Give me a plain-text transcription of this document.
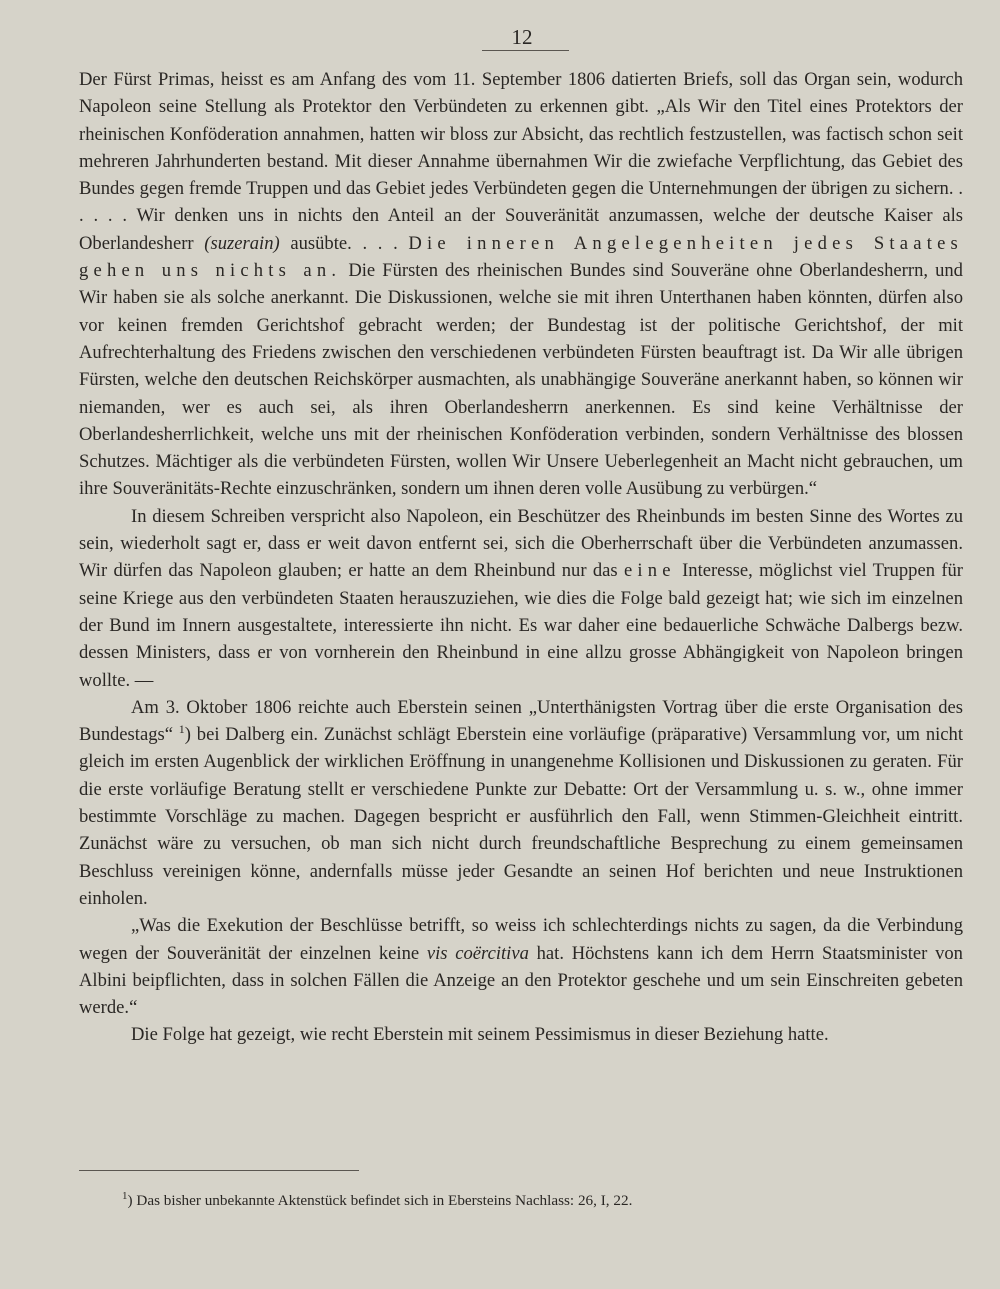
12

Der Fürst Primas, heisst es am Anfang des vom 11. September 1806 datierten Briefs, soll das Organ sein, wodurch Napoleon seine Stellung als Protektor den Verbündeten zu erkennen gibt. „Als Wir den Titel eines Protektors der rheinischen Konföderation annahmen, hatten wir bloss zur Absicht, das rechtlich festzustellen, was factisch schon seit mehreren Jahrhunderten bestand. Mit dieser Annahme übernahmen Wir die zwiefache Verpflichtung, das Gebiet des Bundes gegen fremde Truppen und das Gebiet jedes Verbündeten gegen die Unternehmungen der übrigen zu sichern. . . . . . Wir denken uns in nichts den Anteil an der Souveränität anzumassen, welche der deutsche Kaiser als Oberlandesherr (suzerain) ausübte. . . . Die inneren Angelegenheiten jedes Staates gehen uns nichts an. Die Fürsten des rheinischen Bundes sind Souveräne ohne Oberlandesherrn, und Wir haben sie als solche anerkannt. Die Diskussionen, welche sie mit ihren Unterthanen haben könnten, dürfen also vor keinen fremden Gerichtshof gebracht werden; der Bundestag ist der politische Gerichtshof, der mit Aufrechterhaltung des Friedens zwischen den verschiedenen verbündeten Fürsten beauftragt ist. Da Wir alle übrigen Fürsten, welche den deutschen Reichskörper ausmachten, als unabhängige Souveräne anerkannt haben, so können wir niemanden, wer es auch sei, als ihren Oberlandesherrn anerkennen. Es sind keine Verhältnisse der Oberlandesherrlichkeit, welche uns mit der rheinischen Konföderation verbinden, sondern Verhältnisse des blossen Schutzes. Mächtiger als die verbündeten Fürsten, wollen Wir Unsere Ueberlegenheit an Macht nicht gebrauchen, um ihre Souveränitäts-Rechte einzuschränken, sondern um ihnen deren volle Ausübung zu verbürgen.“

In diesem Schreiben verspricht also Napoleon, ein Beschützer des Rheinbunds im besten Sinne des Wortes zu sein, wiederholt sagt er, dass er weit davon entfernt sei, sich die Oberherrschaft über die Verbündeten anzumassen. Wir dürfen das Napoleon glauben; er hatte an dem Rheinbund nur das eine Interesse, möglichst viel Truppen für seine Kriege aus den verbündeten Staaten herauszuziehen, wie dies die Folge bald gezeigt hat; wie sich im einzelnen der Bund im Innern ausgestaltete, interessierte ihn nicht. Es war daher eine bedauerliche Schwäche Dalbergs bezw. dessen Ministers, dass er von vornherein den Rheinbund in eine allzu grosse Abhängigkeit von Napoleon bringen wollte. —

Am 3. Oktober 1806 reichte auch Eberstein seinen „Unterthänigsten Vortrag über die erste Organisation des Bundestags“ $^1$) bei Dalberg ein. Zunächst schlägt Eberstein eine vorläufige (präparative) Versammlung vor, um nicht gleich im ersten Augenblick der wirklichen Eröffnung in unangenehme Kollisionen und Diskussionen zu geraten. Für die erste vorläufige Beratung stellt er verschiedene Punkte zur Debatte: Ort der Versammlung u. s. w., ohne immer bestimmte Vorschläge zu machen. Dagegen bespricht er ausführlich den Fall, wenn Stimmen-Gleichheit eintritt. Zunächst wäre zu versuchen, ob man sich nicht durch freundschaftliche Besprechung zu einem gemeinsamen Beschluss vereinigen könne, andernfalls müsse jeder Gesandte an seinen Hof berichten und neue Instruktionen einholen.

„Was die Exekution der Beschlüsse betrifft, so weiss ich schlechterdings nichts zu sagen, da die Verbindung wegen der Souveränität der einzelnen keine vis coërcitiva hat. Höchstens kann ich dem Herrn Staatsminister von Albini beipflichten, dass in solchen Fällen die Anzeige an den Protektor geschehe und um sein Einschreiten gebeten werde.“

Die Folge hat gezeigt, wie recht Eberstein mit seinem Pessimismus in dieser Beziehung hatte.

$^1$) Das bisher unbekannte Aktenstück befindet sich in Ebersteins Nachlass: 26, I, 22.
